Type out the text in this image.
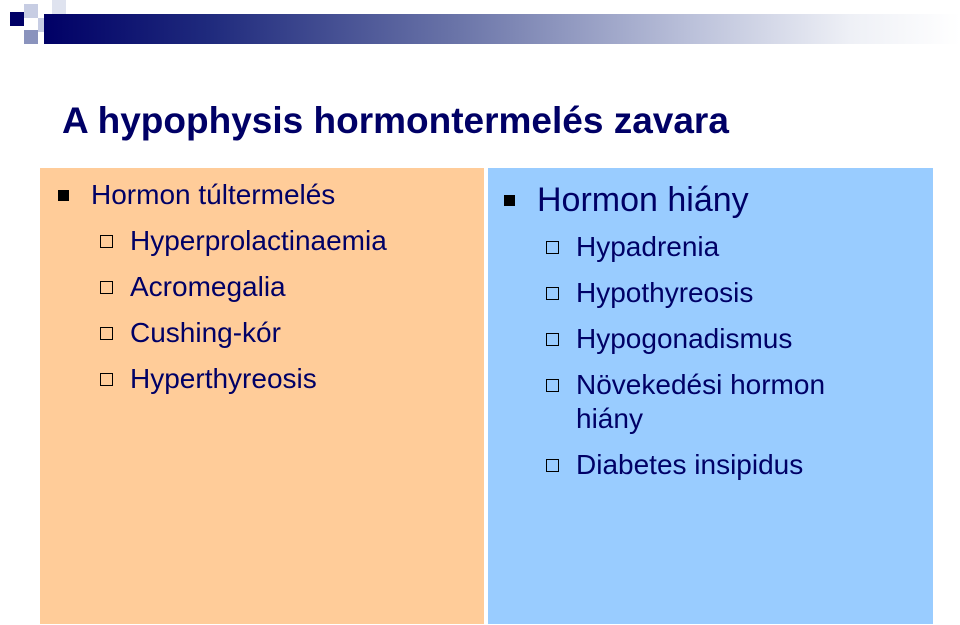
A hypophysis hormontermelés zavara
Hormon túltermelés
Hyperprolactinaemia
Acromegalia
Cushing-kór
Hyperthyreosis
Hormon hiány
Hypadrenia
Hypothyreosis
Hypogonadismus
Növekedési hormon hiány
Diabetes insipidus
